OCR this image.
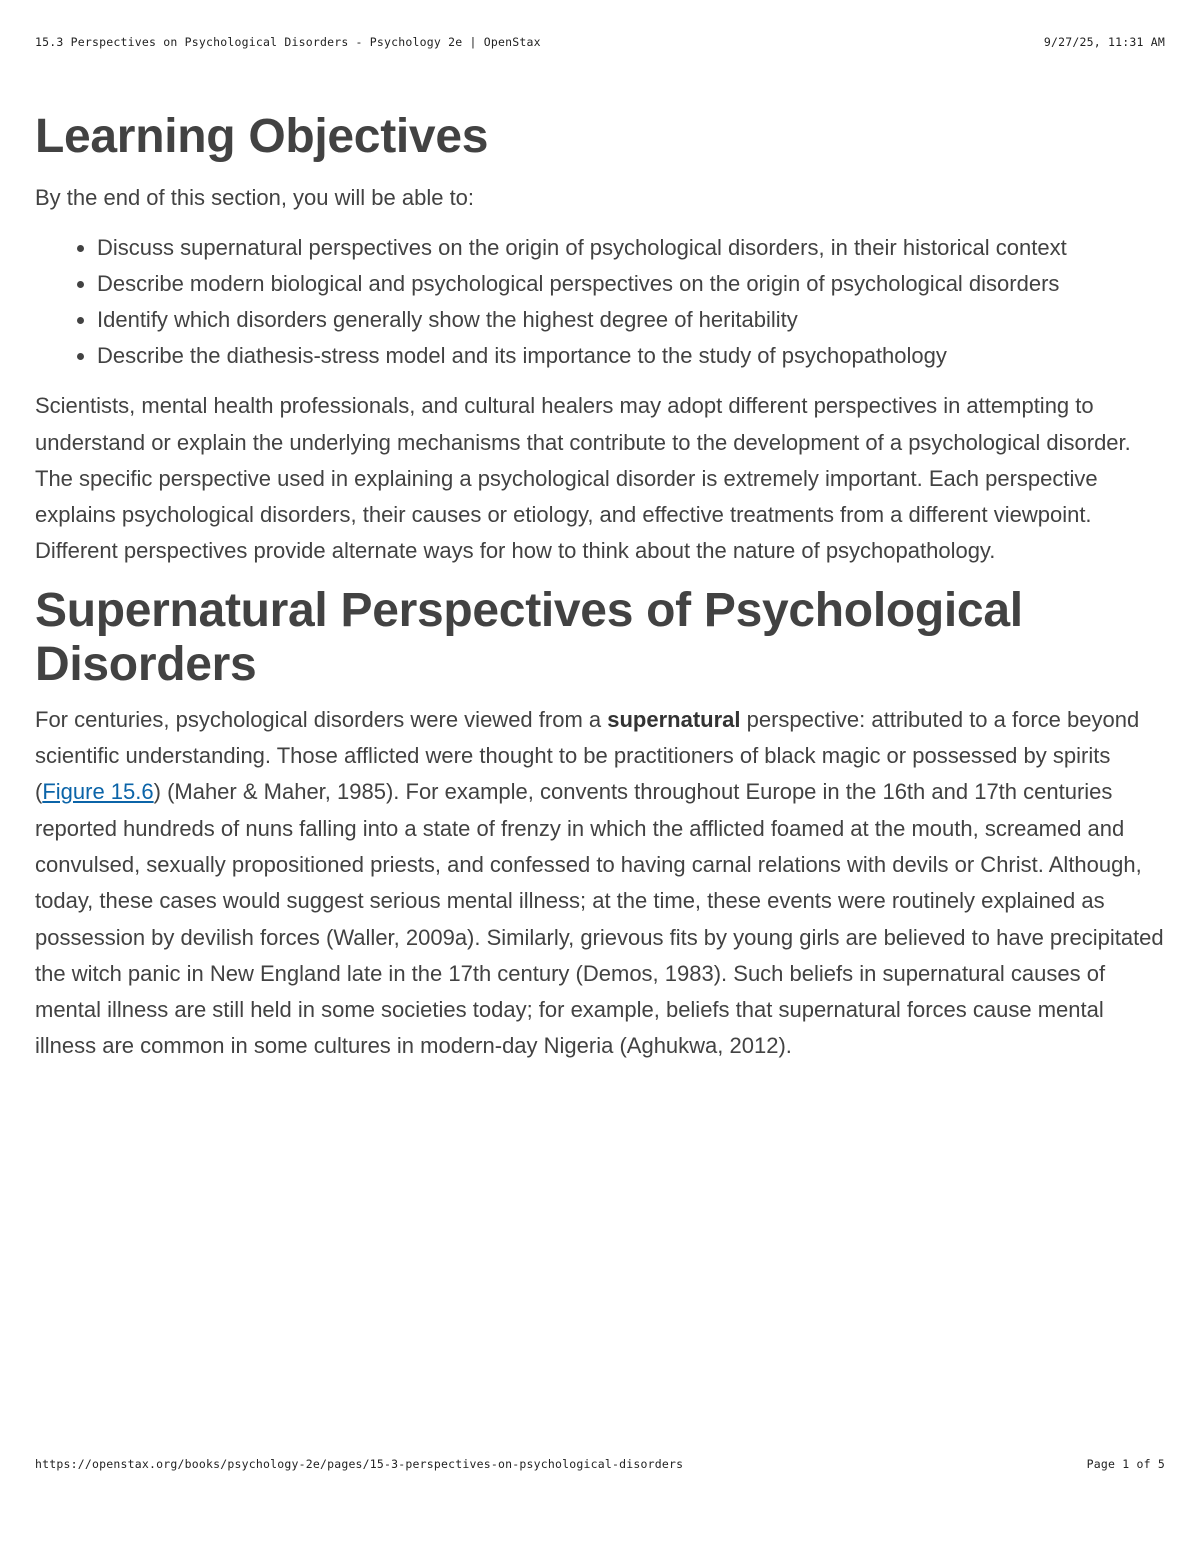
15.3 Perspectives on Psychological Disorders - Psychology 2e | OpenStax	9/27/25, 11:31 AM
Learning Objectives

By the end of this section, you will be able to:

• Discuss supernatural perspectives on the origin of psychological disorders, in their historical context
• Describe modern biological and psychological perspectives on the origin of psychological disorders
• Identify which disorders generally show the highest degree of heritability
• Describe the diathesis-stress model and its importance to the study of psychopathology

Scientists, mental health professionals, and cultural healers may adopt different perspectives in attempting to understand or explain the underlying mechanisms that contribute to the development of a psychological disorder. The specific perspective used in explaining a psychological disorder is extremely important. Each perspective explains psychological disorders, their causes or etiology, and effective treatments from a different viewpoint. Different perspectives provide alternate ways for how to think about the nature of psychopathology.

Supernatural Perspectives of Psychological Disorders

For centuries, psychological disorders were viewed from a supernatural perspective: attributed to a force beyond scientific understanding. Those afflicted were thought to be practitioners of black magic or possessed by spirits (Figure 15.6) (Maher & Maher, 1985). For example, convents throughout Europe in the 16th and 17th centuries reported hundreds of nuns falling into a state of frenzy in which the afflicted foamed at the mouth, screamed and convulsed, sexually propositioned priests, and confessed to having carnal relations with devils or Christ. Although, today, these cases would suggest serious mental illness; at the time, these events were routinely explained as possession by devilish forces (Waller, 2009a). Similarly, grievous fits by young girls are believed to have precipitated the witch panic in New England late in the 17th century (Demos, 1983). Such beliefs in supernatural causes of mental illness are still held in some societies today; for example, beliefs that supernatural forces cause mental illness are common in some cultures in modern-day Nigeria (Aghukwa, 2012).

https://openstax.org/books/psychology-2e/pages/15-3-perspectives-on-psychological-disorders	Page 1 of 5
